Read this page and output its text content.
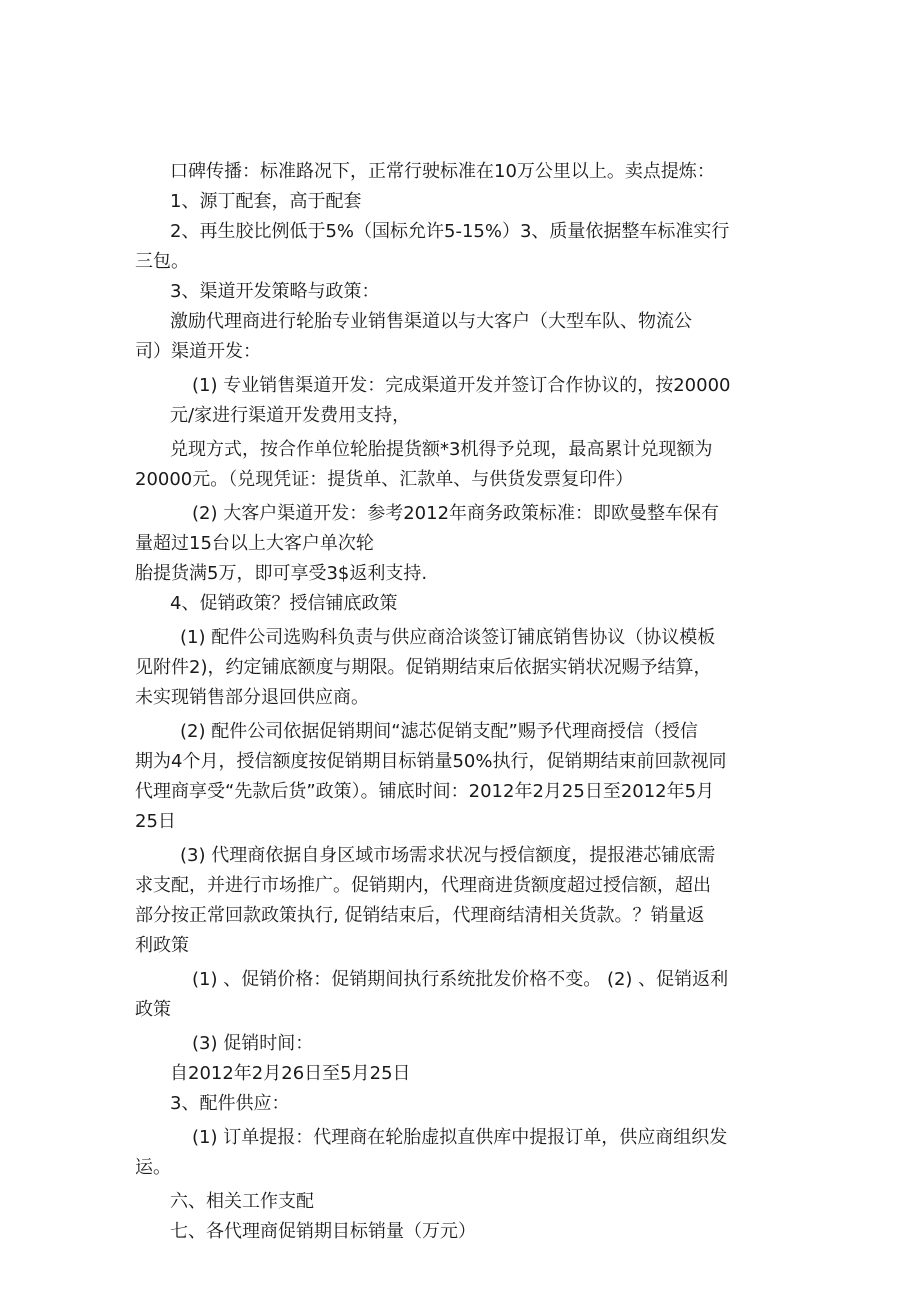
口碑传播：标准路况下，正常行驶标准在10万公里以上。卖点提炼：
1、源丁配套，高于配套
2、再生胶比例低于5%（国标允许5-15%）3、质量依据整车标准实行
三包。
3、渠道开发策略与政策：
激励代理商进行轮胎专业销售渠道以与大客户（大型车队、物流公
司）渠道开发：
(1) 专业销售渠道开发：完成渠道开发并签订合作协议的，按20000
元/家进行渠道开发费用支持，
兑现方式，按合作单位轮胎提货额*3机得予兑现，最高累计兑现额为
20000元。（兑现凭证：提货单、汇款单、与供货发票复印件）
(2) 大客户渠道开发：参考2012年商务政策标准：即欧曼整车保有
量超过15台以上大客户单次轮
胎提货满5万，即可享受3$返利支持.
4、促销政策？授信铺底政策
(1) 配件公司选购科负责与供应商洽谈签订铺底销售协议（协议模板
见附件2)，约定铺底额度与期限。促销期结束后依据实销状况赐予结算，
未实现销售部分退回供应商。
(2) 配件公司依据促销期间“滤芯促销支配”赐予代理商授信（授信
期为4个月，授信额度按促销期目标销量50%执行，促销期结束前回款视同
代理商享受“先款后货”政策）。铺底时间：2012年2月25日至2012年5月
25日
(3) 代理商依据自身区域市场需求状况与授信额度，提报港芯铺底需
求支配，并进行市场推广。促销期内，代理商进货额度超过授信额，超出
部分按正常回款政策执行, 促销结束后，代理商结清相关货款。？销量返
利政策
(1) 、促销价格：促销期间执行系统批发价格不变。 (2) 、促销返利
政策
(3) 促销时间：
自2012年2月26日至5月25日
3、配件供应：
(1) 订单提报：代理商在轮胎虚拟直供库中提报订单，供应商组织发
运。
六、相关工作支配
七、各代理商促销期目标销量（万元）
